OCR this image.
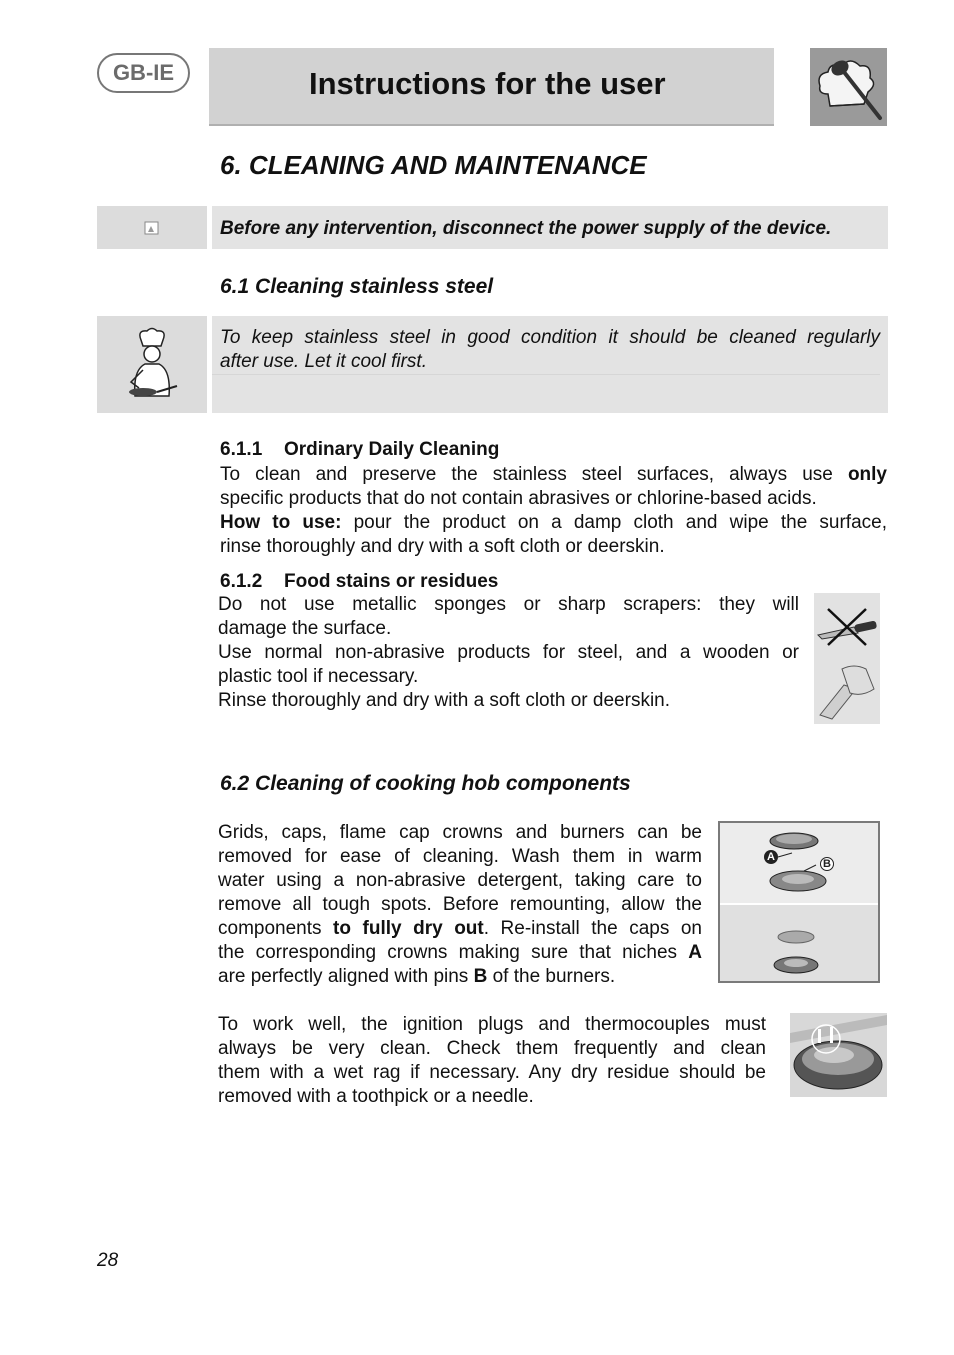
GB-IE	Instructions for the user
6. CLEANING AND MAINTENANCE
Before any intervention, disconnect the power supply of the device.
6.1 Cleaning stainless steel
To keep stainless steel in good condition it should be cleaned regularly
after use. Let it cool first.
6.1.1 Ordinary Daily Cleaning
To clean and preserve the stainless steel surfaces, always use only
specific products that do not contain abrasives or chlorine-based acids.
How to use: pour the product on a damp cloth and wipe the surface,
rinse thoroughly and dry with a soft cloth or deerskin.
6.1.2 Food stains or residues
Do not use metallic sponges or sharp scrapers: they will
damage the surface.
Use normal non-abrasive products for steel, and a wooden or
plastic tool if necessary.
Rinse thoroughly and dry with a soft cloth or deerskin.
6.2 Cleaning of cooking hob components
Grids, caps, flame cap crowns and burners can be
removed for ease of cleaning. Wash them in warm
water using a non-abrasive detergent, taking care to
remove all tough spots. Before remounting, allow the
components to fully dry out. Re-install the caps on
the corresponding crowns making sure that niches A
are perfectly aligned with pins B of the burners.
A
B
To work well, the ignition plugs and thermocouples must
always be very clean. Check them frequently and clean
them with a wet rag if necessary. Any dry residue should be
removed with a toothpick or a needle.
28
